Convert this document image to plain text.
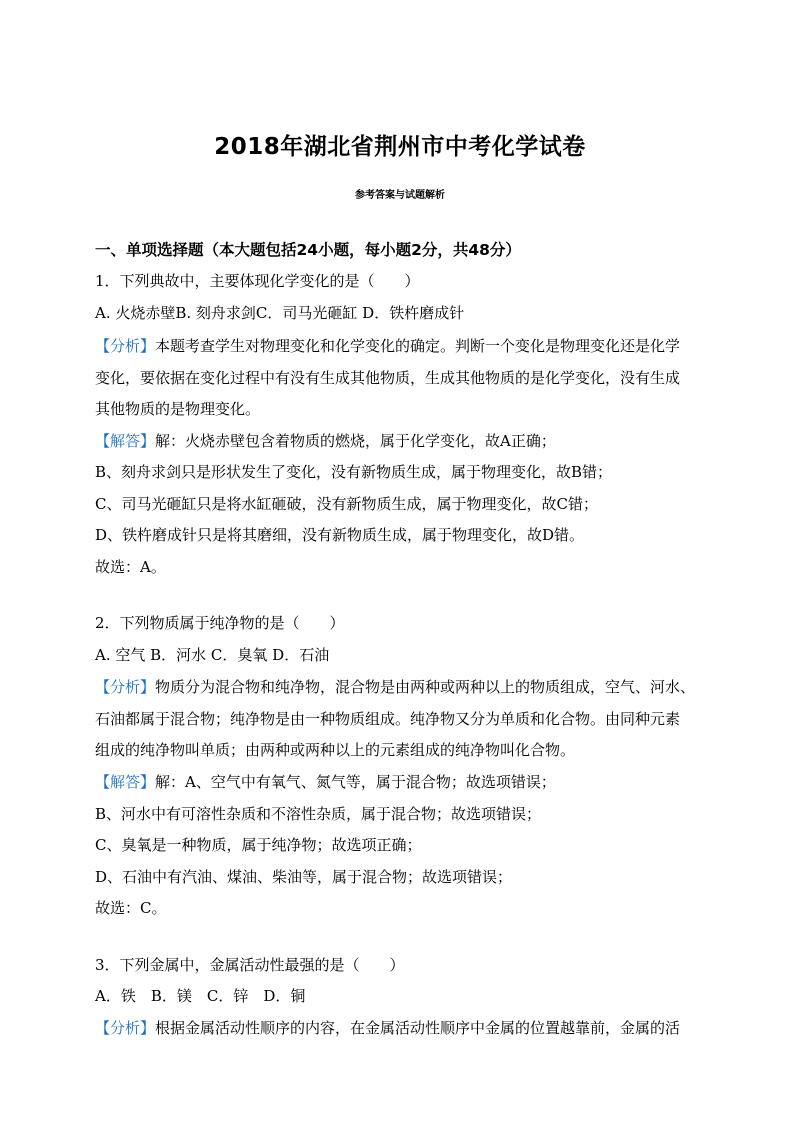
2018年湖北省荆州市中考化学试卷
参考答案与试题解析
一、单项选择题（本大题包括24小题，每小题2分，共48分）
1．下列典故中，主要体现化学变化的是（　　）
A. 火烧赤壁B. 刻舟求剑C．司马光砸缸 D．铁杵磨成针
【分析】本题考查学生对物理变化和化学变化的确定。判断一个变化是物理变化还是化学
变化，要依据在变化过程中有没有生成其他物质，生成其他物质的是化学变化，没有生成
其他物质的是物理变化。
【解答】解：火烧赤壁包含着物质的燃烧，属于化学变化，故A正确；
B、刻舟求剑只是形状发生了变化，没有新物质生成，属于物理变化，故B错；
C、司马光砸缸只是将水缸砸破，没有新物质生成，属于物理变化，故C错；
D、铁杵磨成针只是将其磨细，没有新物质生成，属于物理变化，故D错。
故选：A。
2．下列物质属于纯净物的是（　　）
A. 空气 B．河水 C．臭氧 D．石油
【分析】物质分为混合物和纯净物，混合物是由两种或两种以上的物质组成，空气、河水、
石油都属于混合物；纯净物是由一种物质组成。纯净物又分为单质和化合物。由同种元素
组成的纯净物叫单质；由两种或两种以上的元素组成的纯净物叫化合物。
【解答】解：A、空气中有氧气、氮气等，属于混合物；故选项错误；
B、河水中有可溶性杂质和不溶性杂质，属于混合物；故选项错误；
C、臭氧是一种物质，属于纯净物；故选项正确；
D、石油中有汽油、煤油、柴油等，属于混合物；故选项错误；
故选：C。
3．下列金属中，金属活动性最强的是（　　）
A．铁　B．镁　C．锌　D．铜
【分析】根据金属活动性顺序的内容，在金属活动性顺序中金属的位置越靠前，金属的活
